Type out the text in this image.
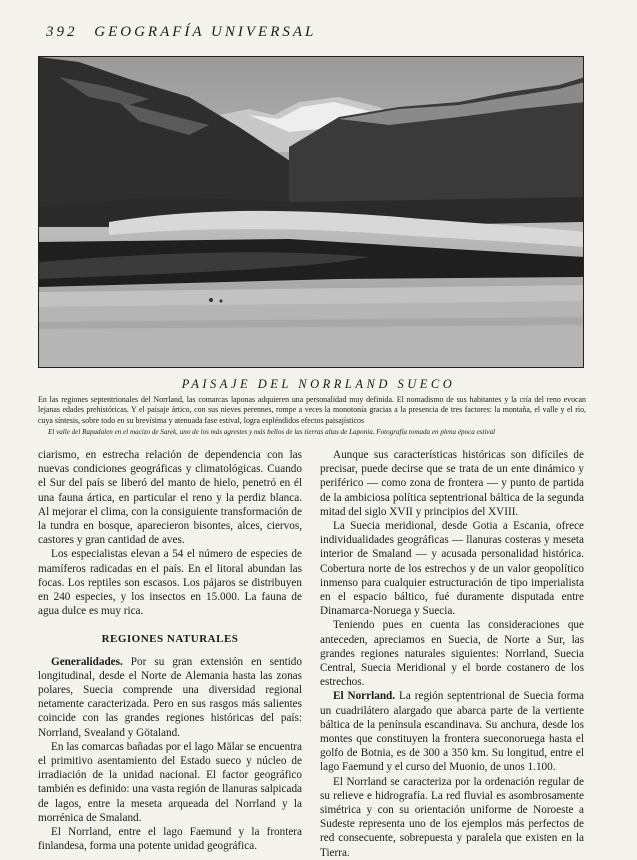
392 GEOGRAFÍA UNIVERSAL
PAISAJE DEL NORRLAND SUECO
En las regiones septentrionales del Norrland, las comarcas laponas adquieren una personalidad muy definida. El nomadismo de sus habitantes y la cría del reno evocan lejanas edades prehistóricas. Y el paisaje ártico, con sus nieves perennes, rompe a veces la monotonía gracias a la presencia de tres factores: la montaña, el valle y el río, cuya síntesis, sobre todo en su brevísima y atenuada fase estival, logra espléndidos efectos paisajísticos
El valle del Rapadalen en el macizo de Sarek, uno de los más agrestes y más bellos de las tierras altas de Laponia. Fotografía tomada en plena época estival

ciarismo, en estrecha relación de dependencia con las nuevas condiciones geográficas y climatológicas. Cuando el Sur del país se liberó del manto de hielo, penetró en él una fauna ártica, en particular el reno y la perdiz blanca. Al mejorar el clima, con la consiguiente transformación de la tundra en bosque, aparecieron bisontes, alces, ciervos, castores y gran cantidad de aves.

Los especialistas elevan a 54 el número de especies de mamíferos radicadas en el país. En el litoral abundan las focas. Los reptiles son escasos. Los pájaros se distribuyen en 240 especies, y los insectos en 15.000. La fauna de agua dulce es muy rica.

REGIONES NATURALES

Generalidades. Por su gran extensión en sentido longitudinal, desde el Norte de Alemania hasta las zonas polares, Suecia comprende una diversidad regional netamente caracterizada. Pero en sus rasgos más salientes coincide con las grandes regiones históricas del país: Norrland, Svealand y Götaland.

En las comarcas bañadas por el lago Mälar se encuentra el primitivo asentamiento del Estado sueco y núcleo de irradiación de la unidad nacional. El factor geográfico también es definido: una vasta región de llanuras salpicada de lagos, entre la meseta arqueada del Norrland y la morrénica de Smaland.

El Norrland, entre el lago Faemund y la frontera finlandesa, forma una potente unidad geográfica.

Aunque sus características históricas son difíciles de precisar, puede decirse que se trata de un ente dinámico y periférico — como zona de frontera — y punto de partida de la ambiciosa política septentrional báltica de la segunda mitad del siglo XVII y principios del XVIII.

La Suecia meridional, desde Gotia a Escania, ofrece individualidades geográficas — llanuras costeras y meseta interior de Smaland — y acusada personalidad histórica. Cobertura norte de los estrechos y de un valor geopolítico inmenso para cualquier estructuración de tipo imperialista en el espacio báltico, fué duramente disputada entre Dinamarca-Noruega y Suecia.

Teniendo pues en cuenta las consideraciones que anteceden, apreciamos en Suecia, de Norte a Sur, las grandes regiones naturales siguientes: Norrland, Suecia Central, Suecia Meridional y el borde costanero de los estrechos.

El Norrland. La región septentrional de Suecia forma un cuadrilátero alargado que abarca parte de la vertiente báltica de la península escandinava. Su anchura, desde los montes que constituyen la frontera sueconoruega hasta el golfo de Botnia, es de 300 a 350 km. Su longitud, entre el lago Faemund y el curso del Muonio, de unos 1.100.

El Norrland se caracteriza por la ordenación regular de su relieve e hidrografía. La red fluvial es asombrosamente simétrica y con su orientación uniforme de Noroeste a Sudeste representa uno de los ejemplos más perfectos de red consecuente, sobrepuesta y paralela que existen en la Tierra.
